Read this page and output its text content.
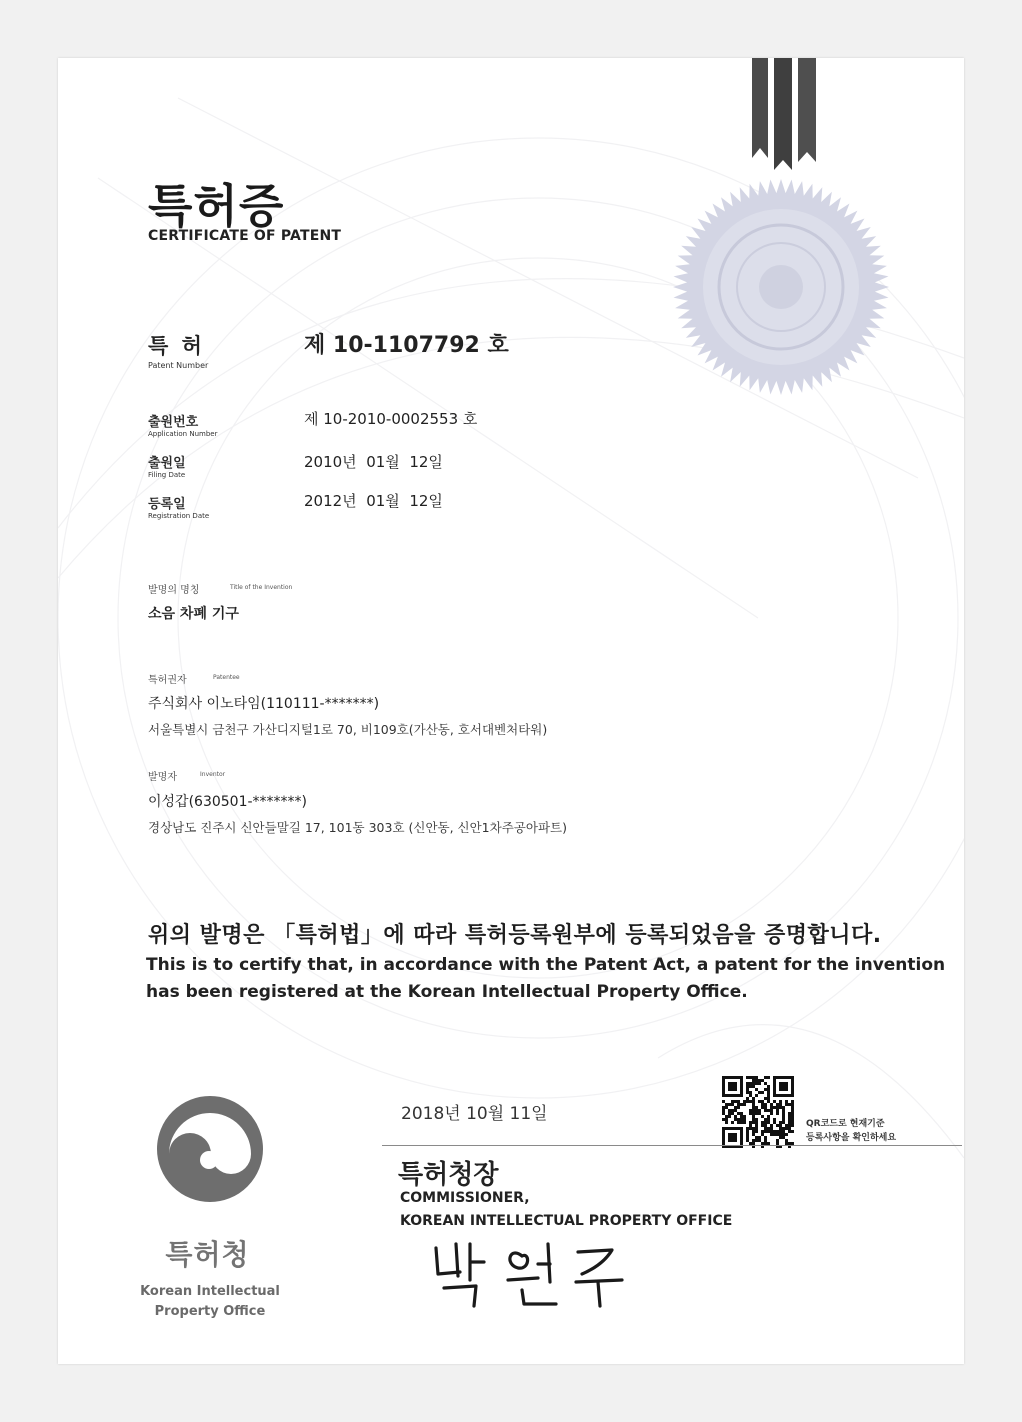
특허증
CERTIFICATE OF PATENT
특 허
Patent Number
제 10-1107792 호
출원번호
Application Number
제 10-2010-0002553 호
출원일
Filing Date
2010년  01월  12일
등록일
Registration Date
2012년  01월  12일
발명의 명칭	Title of the Invention
소음 차폐 기구
특허권자	Patentee
주식회사 이노타임(110111-*******)
서울특별시 금천구 가산디지털1로 70, 비109호(가산동, 호서대벤처타워)
발명자	Inventor
이성갑(630501-*******)
경상남도 진주시 신안들말길 17, 101동 303호 (신안동, 신안1차주공아파트)
위의 발명은 「특허법」에 따라 특허등록원부에 등록되었음을 증명합니다.
This is to certify that, in accordance with the Patent Act, a patent for the invention
has been registered at the Korean Intellectual Property Office.
QR코드로 현재기준
등록사항을 확인하세요
2018년 10월 11일
특허청장
COMMISSIONER,
KOREAN INTELLECTUAL PROPERTY OFFICE
특허청
Korean Intellectual
Property Office
